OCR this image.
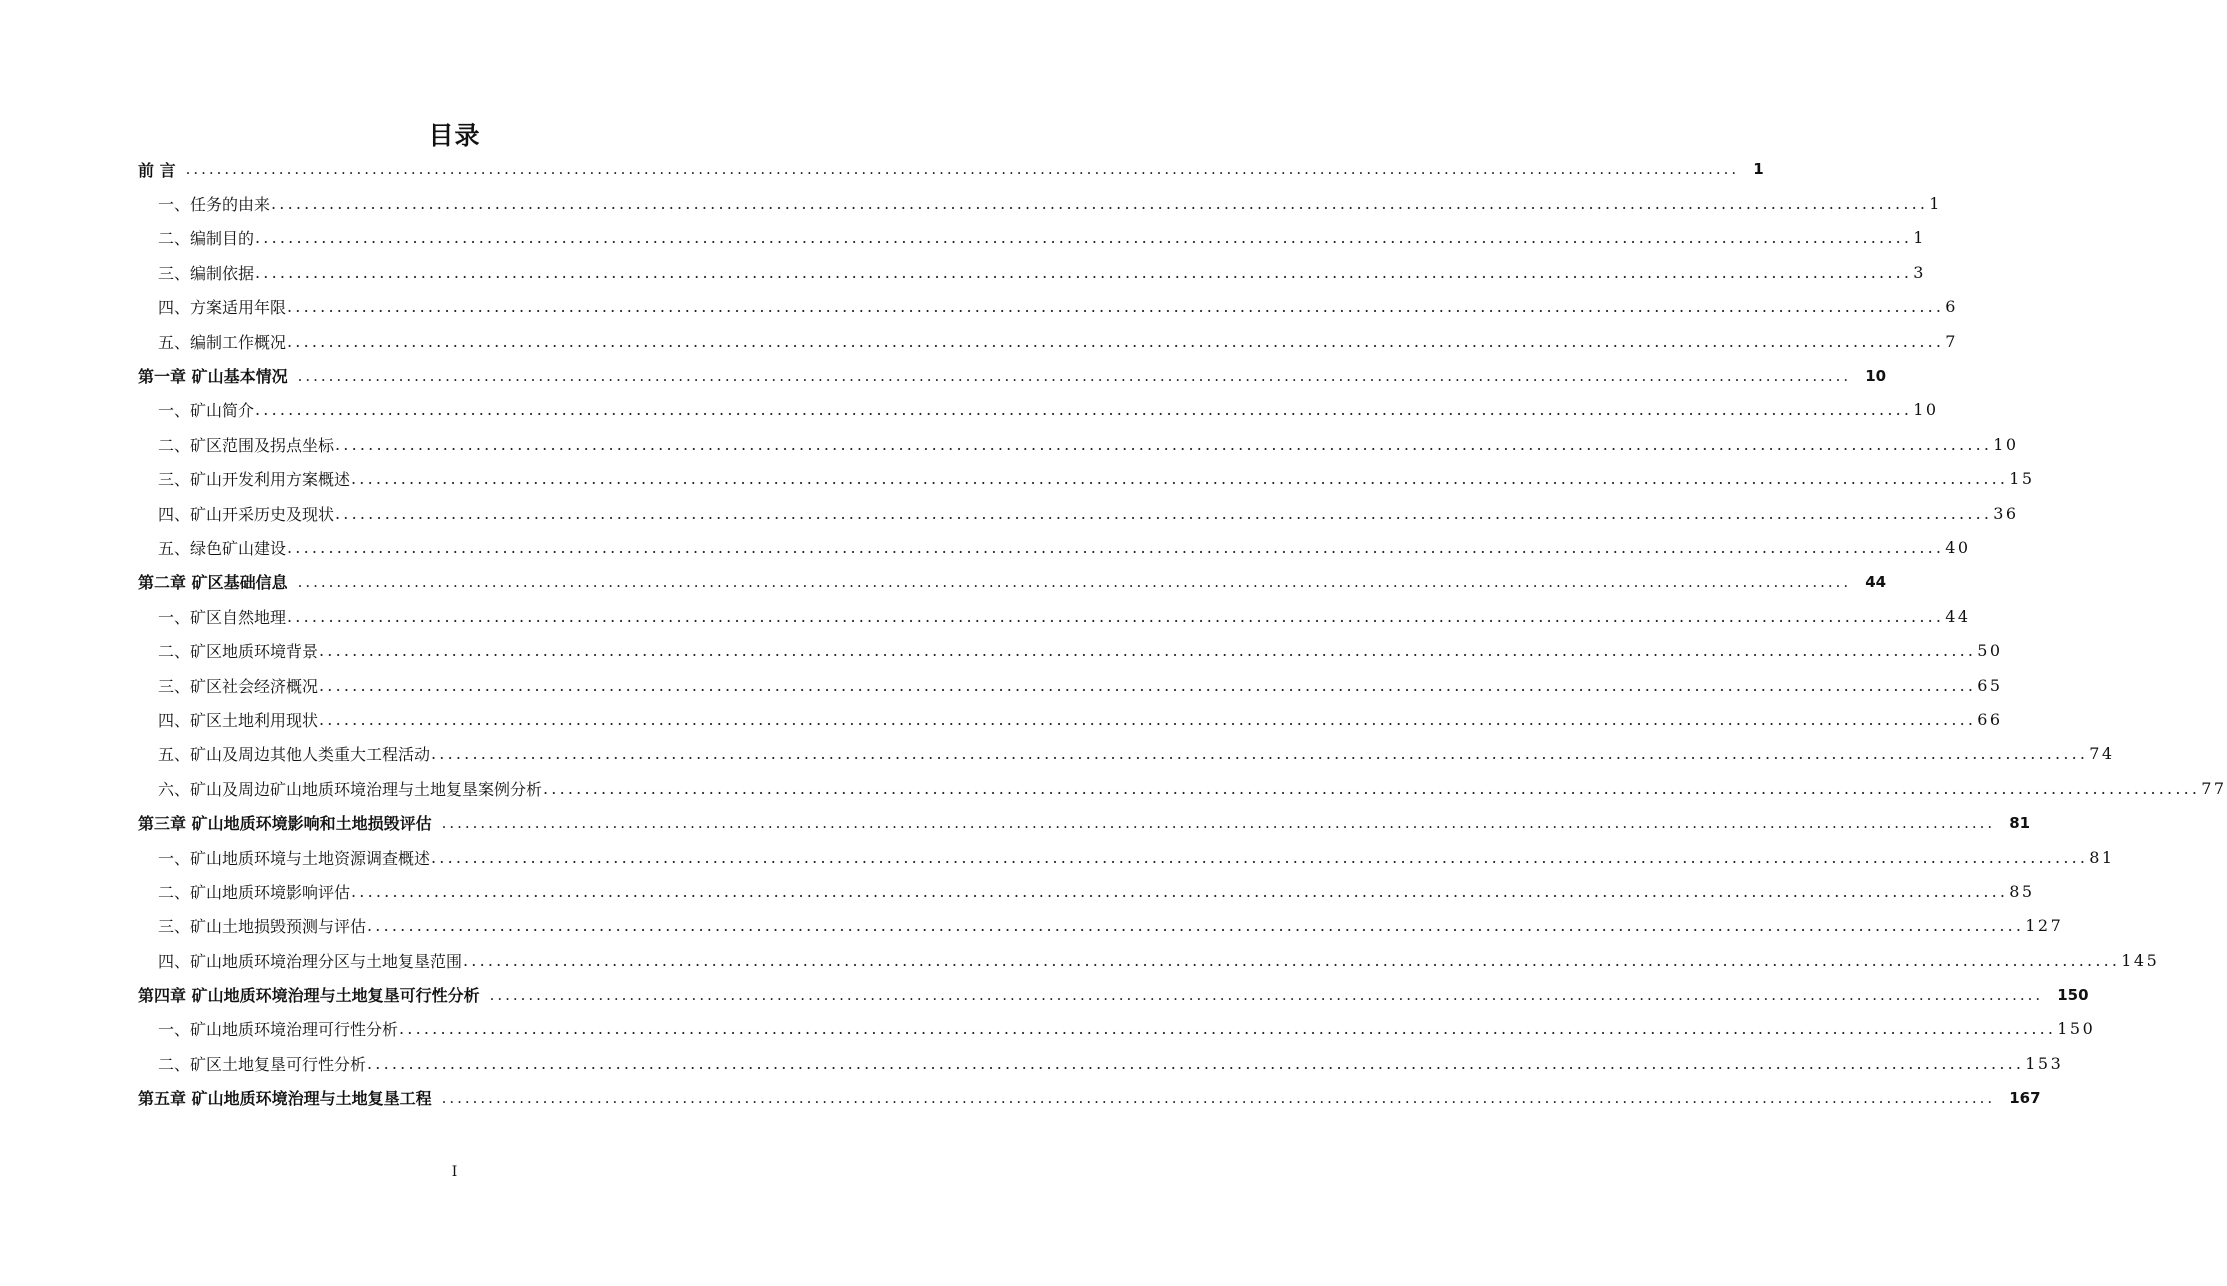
目录
前 言 .....	1
一、任务的由来 .....	1
二、编制目的 .....	1
三、编制依据 .....	3
四、方案适用年限 .....	6
五、编制工作概况 .....	7
第一章 矿山基本情况 .....	10
一、矿山简介 .....	10
二、矿区范围及拐点坐标 .....	10
三、矿山开发利用方案概述 .....	15
四、矿山开采历史及现状 .....	36
五、绿色矿山建设 .....	40
第二章 矿区基础信息 .....	44
一、矿区自然地理 .....	44
二、矿区地质环境背景 .....	50
三、矿区社会经济概况 .....	65
四、矿区土地利用现状 .....	66
五、矿山及周边其他人类重大工程活动 .....	74
六、矿山及周边矿山地质环境治理与土地复垦案例分析 .....	77
第三章 矿山地质环境影响和土地损毁评估 .....	81
一、矿山地质环境与土地资源调查概述 .....	81
二、矿山地质环境影响评估 .....	85
三、矿山土地损毁预测与评估 .....	127
四、矿山地质环境治理分区与土地复垦范围 .....	145
第四章 矿山地质环境治理与土地复垦可行性分析 .....	150
一、矿山地质环境治理可行性分析 .....	150
二、矿区土地复垦可行性分析 .....	153
第五章 矿山地质环境治理与土地复垦工程 .....	167
I
